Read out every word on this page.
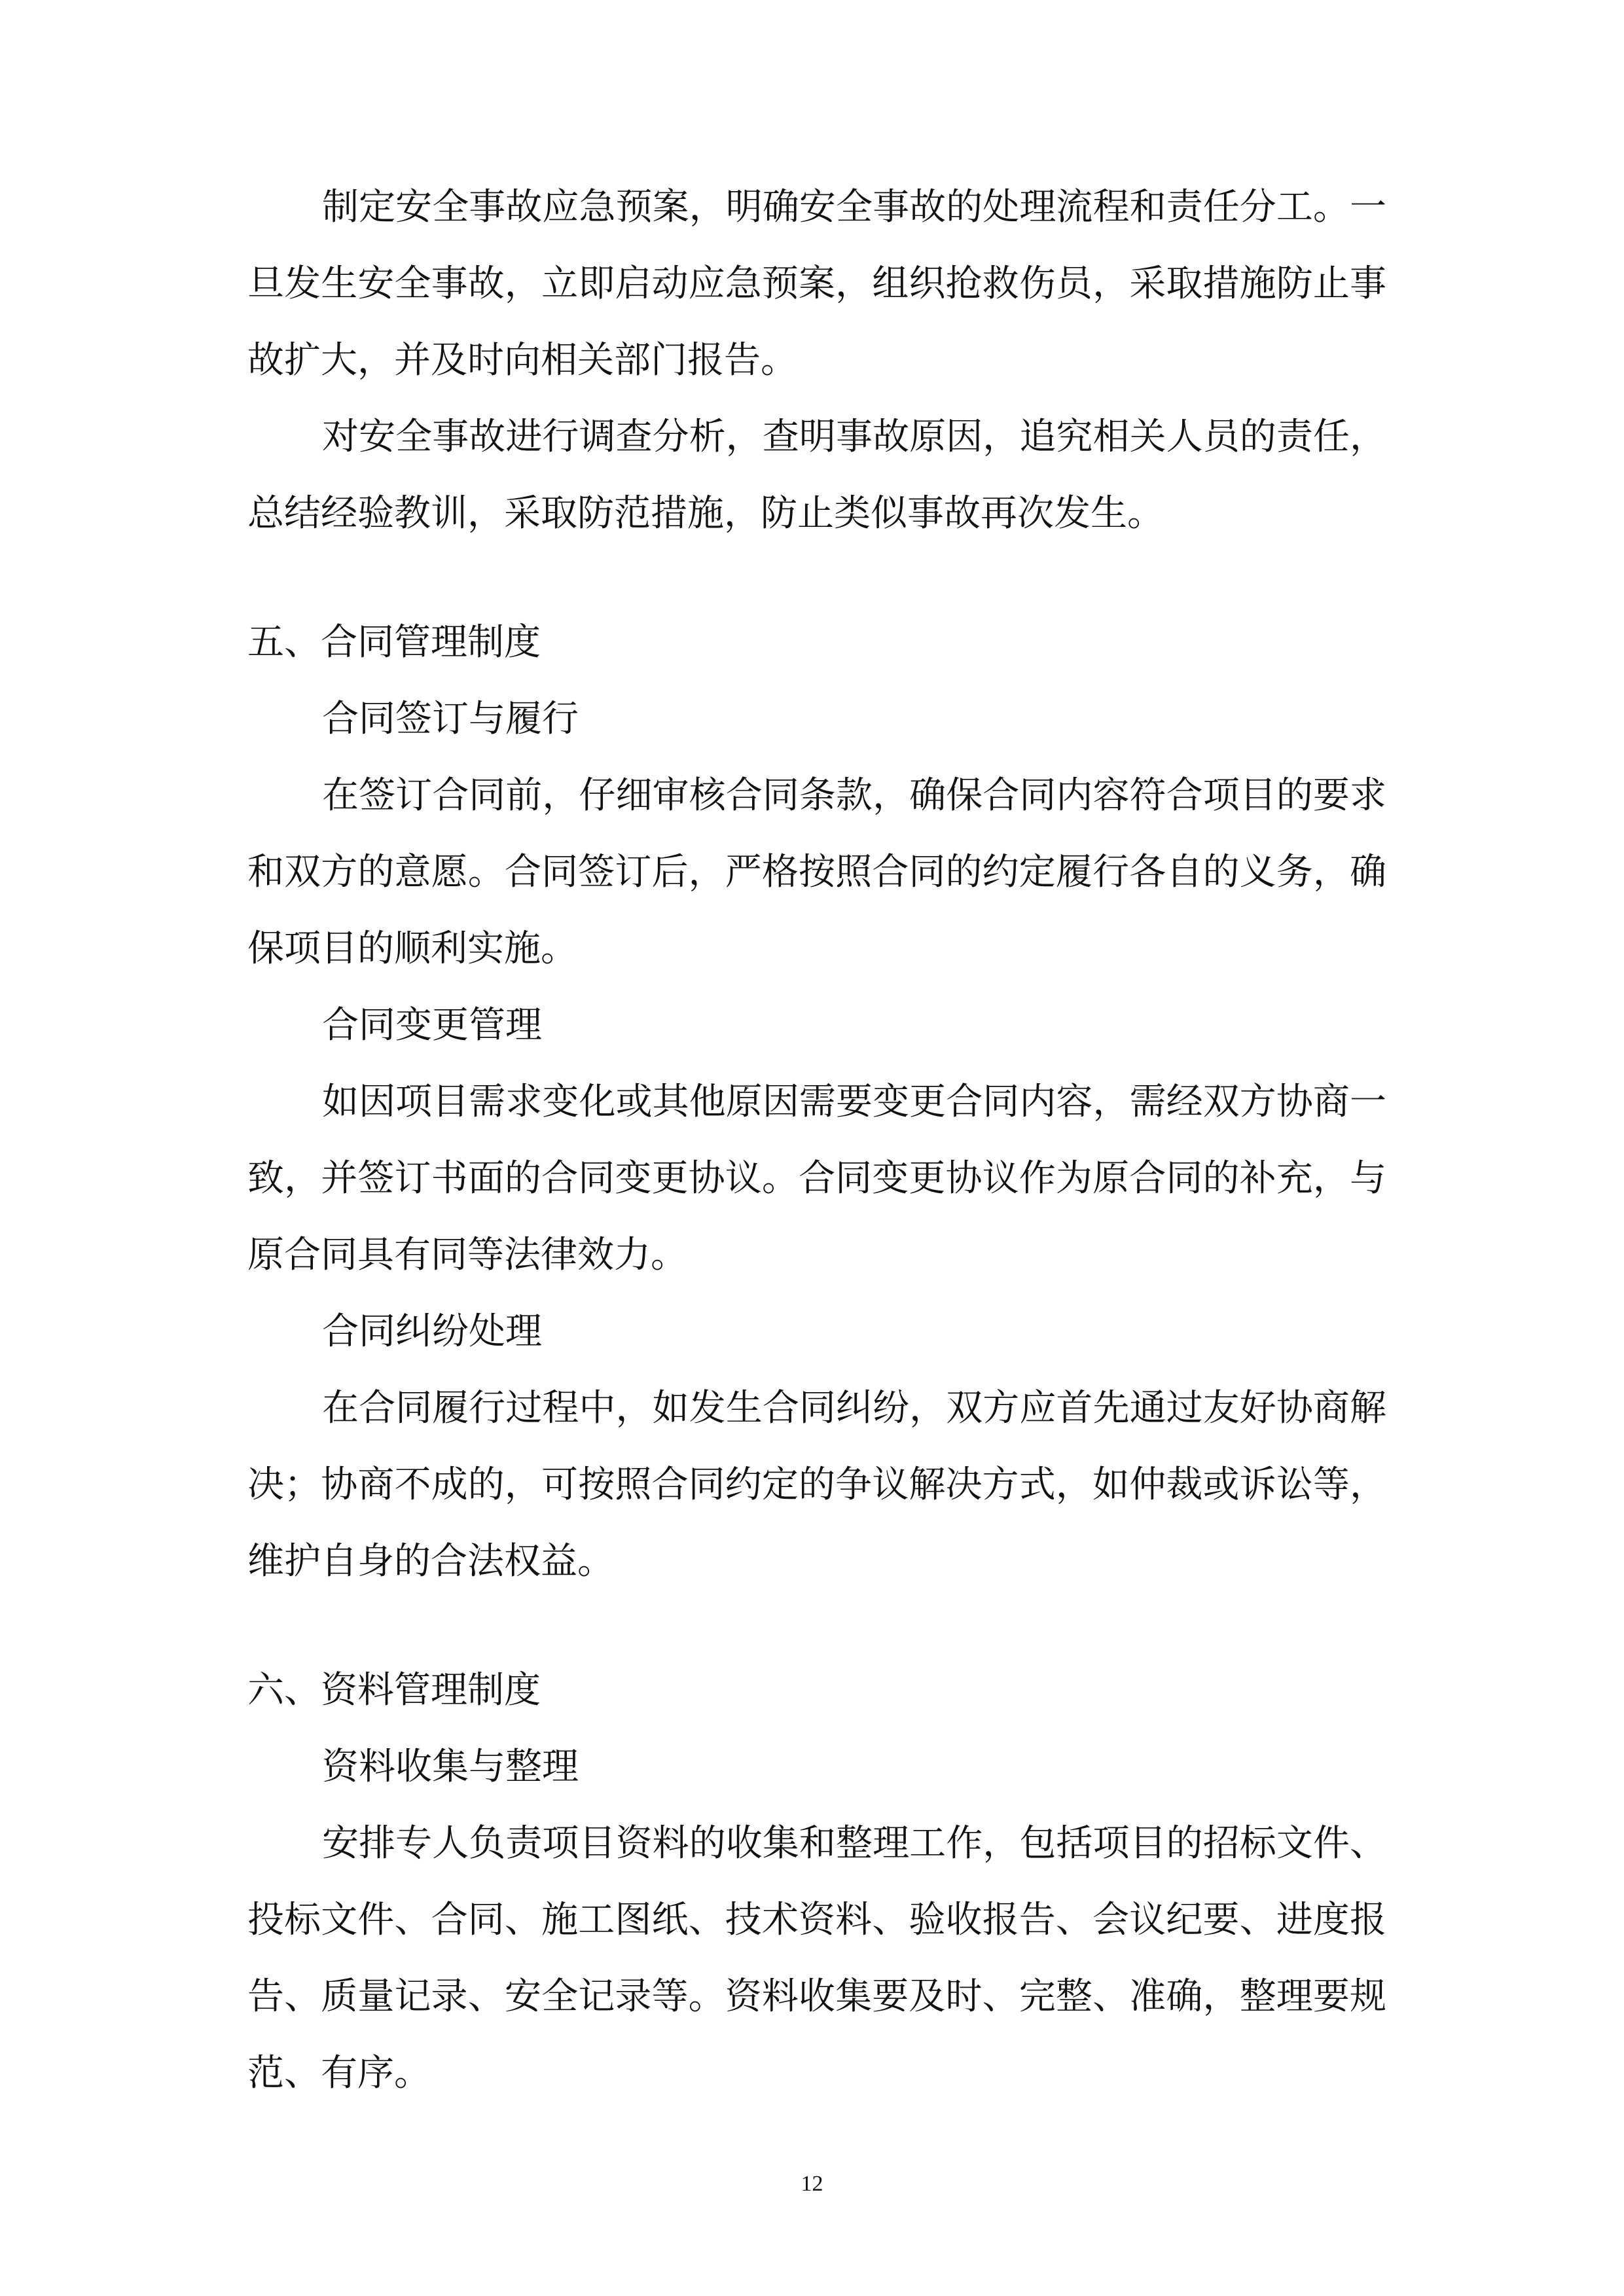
制定安全事故应急预案，明确安全事故的处理流程和责任分工。一旦发生安全事故，立即启动应急预案，组织抢救伤员，采取措施防止事故扩大，并及时向相关部门报告。

对安全事故进行调查分析，查明事故原因，追究相关人员的责任，总结经验教训，采取防范措施，防止类似事故再次发生。

五、合同管理制度

合同签订与履行

在签订合同前，仔细审核合同条款，确保合同内容符合项目的要求和双方的意愿。合同签订后，严格按照合同的约定履行各自的义务，确保项目的顺利实施。

合同变更管理

如因项目需求变化或其他原因需要变更合同内容，需经双方协商一致，并签订书面的合同变更协议。合同变更协议作为原合同的补充，与原合同具有同等法律效力。

合同纠纷处理

在合同履行过程中，如发生合同纠纷，双方应首先通过友好协商解决；协商不成的，可按照合同约定的争议解决方式，如仲裁或诉讼等，维护自身的合法权益。

六、资料管理制度

资料收集与整理

安排专人负责项目资料的收集和整理工作，包括项目的招标文件、投标文件、合同、施工图纸、技术资料、验收报告、会议纪要、进度报告、质量记录、安全记录等。资料收集要及时、完整、准确，整理要规范、有序。

12
